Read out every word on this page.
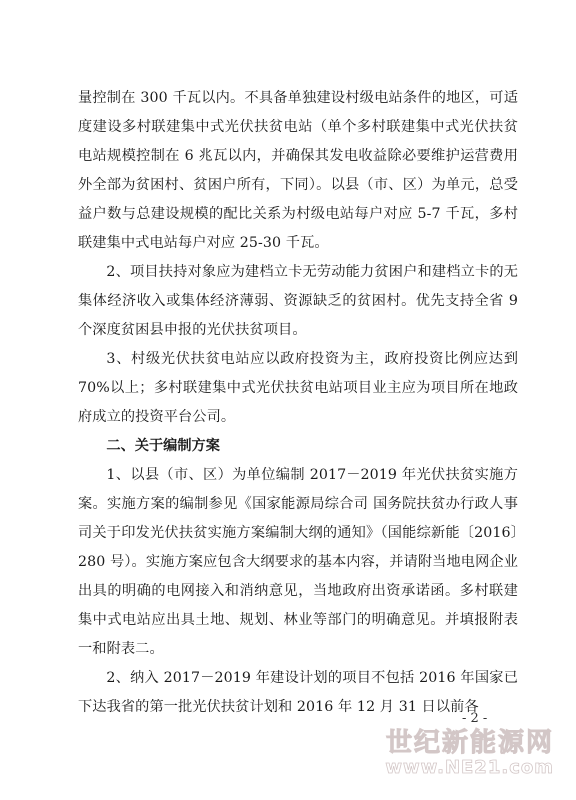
量控制在 300 千瓦以内。不具备单独建设村级电站条件的地区，可适度建设多村联建集中式光伏扶贫电站（单个多村联建集中式光伏扶贫电站规模控制在 6 兆瓦以内，并确保其发电收益除必要维护运营费用外全部为贫困村、贫困户所有，下同）。以县（市、区）为单元，总受益户数与总建设规模的配比关系为村级电站每户对应 5-7 千瓦，多村联建集中式电站每户对应 25-30 千瓦。

2、项目扶持对象应为建档立卡无劳动能力贫困户和建档立卡的无集体经济收入或集体经济薄弱、资源缺乏的贫困村。优先支持全省 9 个深度贫困县申报的光伏扶贫项目。

3、村级光伏扶贫电站应以政府投资为主，政府投资比例应达到 70%以上；多村联建集中式光伏扶贫电站项目业主应为项目所在地政府成立的投资平台公司。

二、关于编制方案

1、以县（市、区）为单位编制 2017－2019 年光伏扶贫实施方案。实施方案的编制参见《国家能源局综合司 国务院扶贫办行政人事司关于印发光伏扶贫实施方案编制大纲的通知》（国能综新能〔2016〕280 号）。实施方案应包含大纲要求的基本内容，并请附当地电网企业出具的明确的电网接入和消纳意见，当地政府出资承诺函。多村联建集中式电站应出具土地、规划、林业等部门的明确意见。并填报附表一和附表二。

2、纳入 2017－2019 年建设计划的项目不包括 2016 年国家已下达我省的第一批光伏扶贫计划和 2016 年 12 月 31 日以前各

- 2 -
世纪新能源网
www.NE21.com
